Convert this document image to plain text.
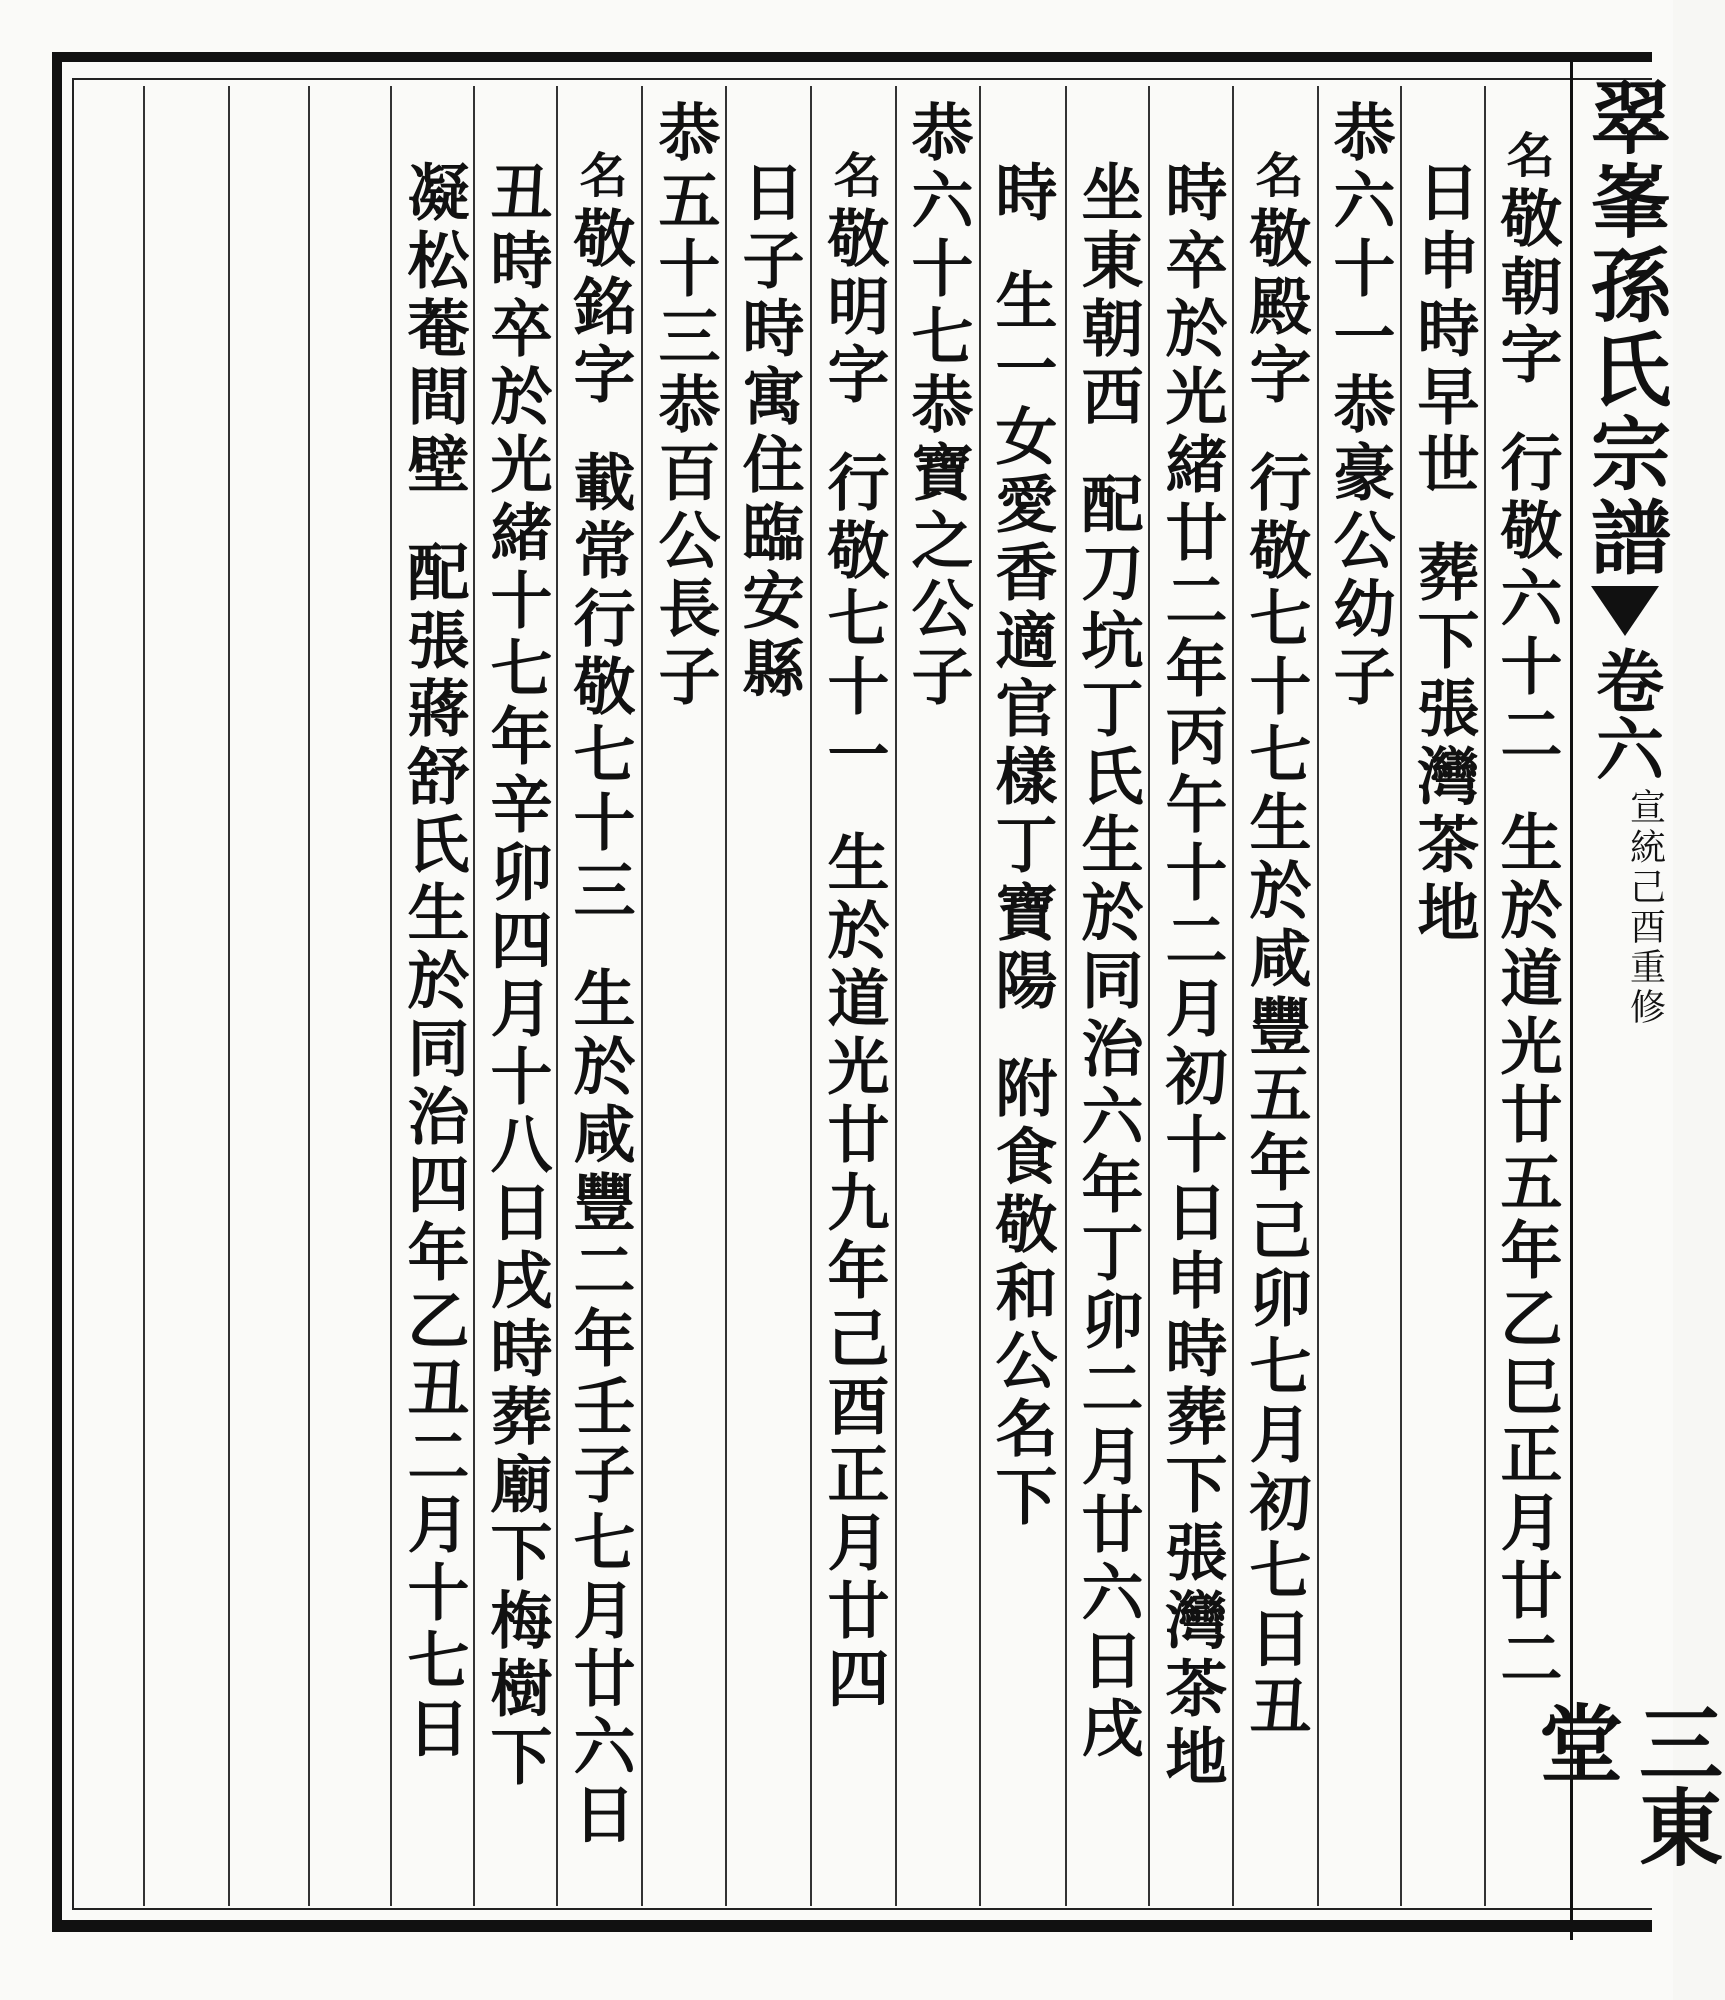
翠峯孫氏宗譜
卷六
宣統己酉重修
三東堂
名
敬朝字
行敬六十二
生於道光廿五年乙巳正月廿二
日申時早世
葬下張灣茶地
恭六十一恭豪公幼子
名
敬殿字
行敬七十七生於咸豐五年己卯七月初七日丑
時卒於光緒廿二年丙午十二月初十日申時葬下張灣茶地
坐東朝西
配刀坑丁氏生於同治六年丁卯二月廿六日戌
時
生一女愛香適官樣丁寶陽
附食敬和公名下
恭六十七恭寶之公子
名
敬明字
行敬七十一
生於道光廿九年己酉正月廿四
日子時寓住臨安縣
恭五十三恭百公長子
名
敬銘字
載常行敬七十三
生於咸豐二年壬子七月廿六日
丑時卒於光緒十七年辛卯四月十八日戌時葬廟下梅樹下
凝松菴間壁
配張蔣舒氏生於同治四年乙丑二月十七日
